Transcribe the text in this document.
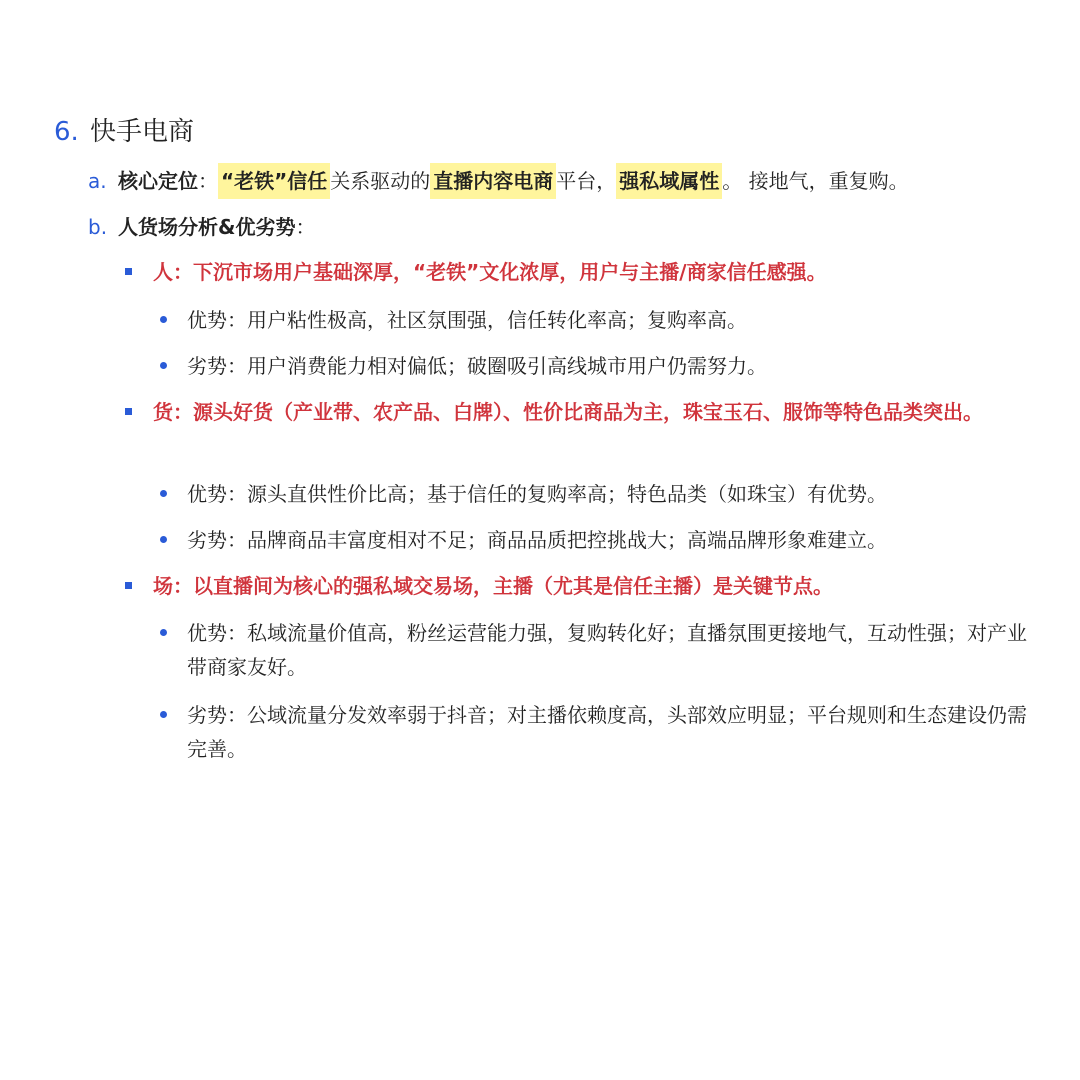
6. 快手电商
a. 核心定位： “老铁”信任 关系驱动的 直播内容电商 平台， 强私域属性 。 接地气，重复购。
b. 人货场分析&优劣势：
人：下沉市场用户基础深厚，“老铁”文化浓厚，用户与主播/商家信任感强。
优势：用户粘性极高，社区氛围强，信任转化率高；复购率高。
劣势：用户消费能力相对偏低；破圈吸引高线城市用户仍需努力。
货：源头好货（产业带、农产品、白牌）、性价比商品为主，珠宝玉石、服饰等特色品类突出。
优势：源头直供性价比高；基于信任的复购率高；特色品类（如珠宝）有优势。
劣势：品牌商品丰富度相对不足；商品品质把控挑战大；高端品牌形象难建立。
场：以直播间为核心的强私域交易场，主播（尤其是信任主播）是关键节点。
优势：私域流量价值高，粉丝运营能力强，复购转化好；直播氛围更接地气，互动性强；对产业带商家友好。
劣势：公域流量分发效率弱于抖音；对主播依赖度高，头部效应明显；平台规则和生态建设仍需完善。
